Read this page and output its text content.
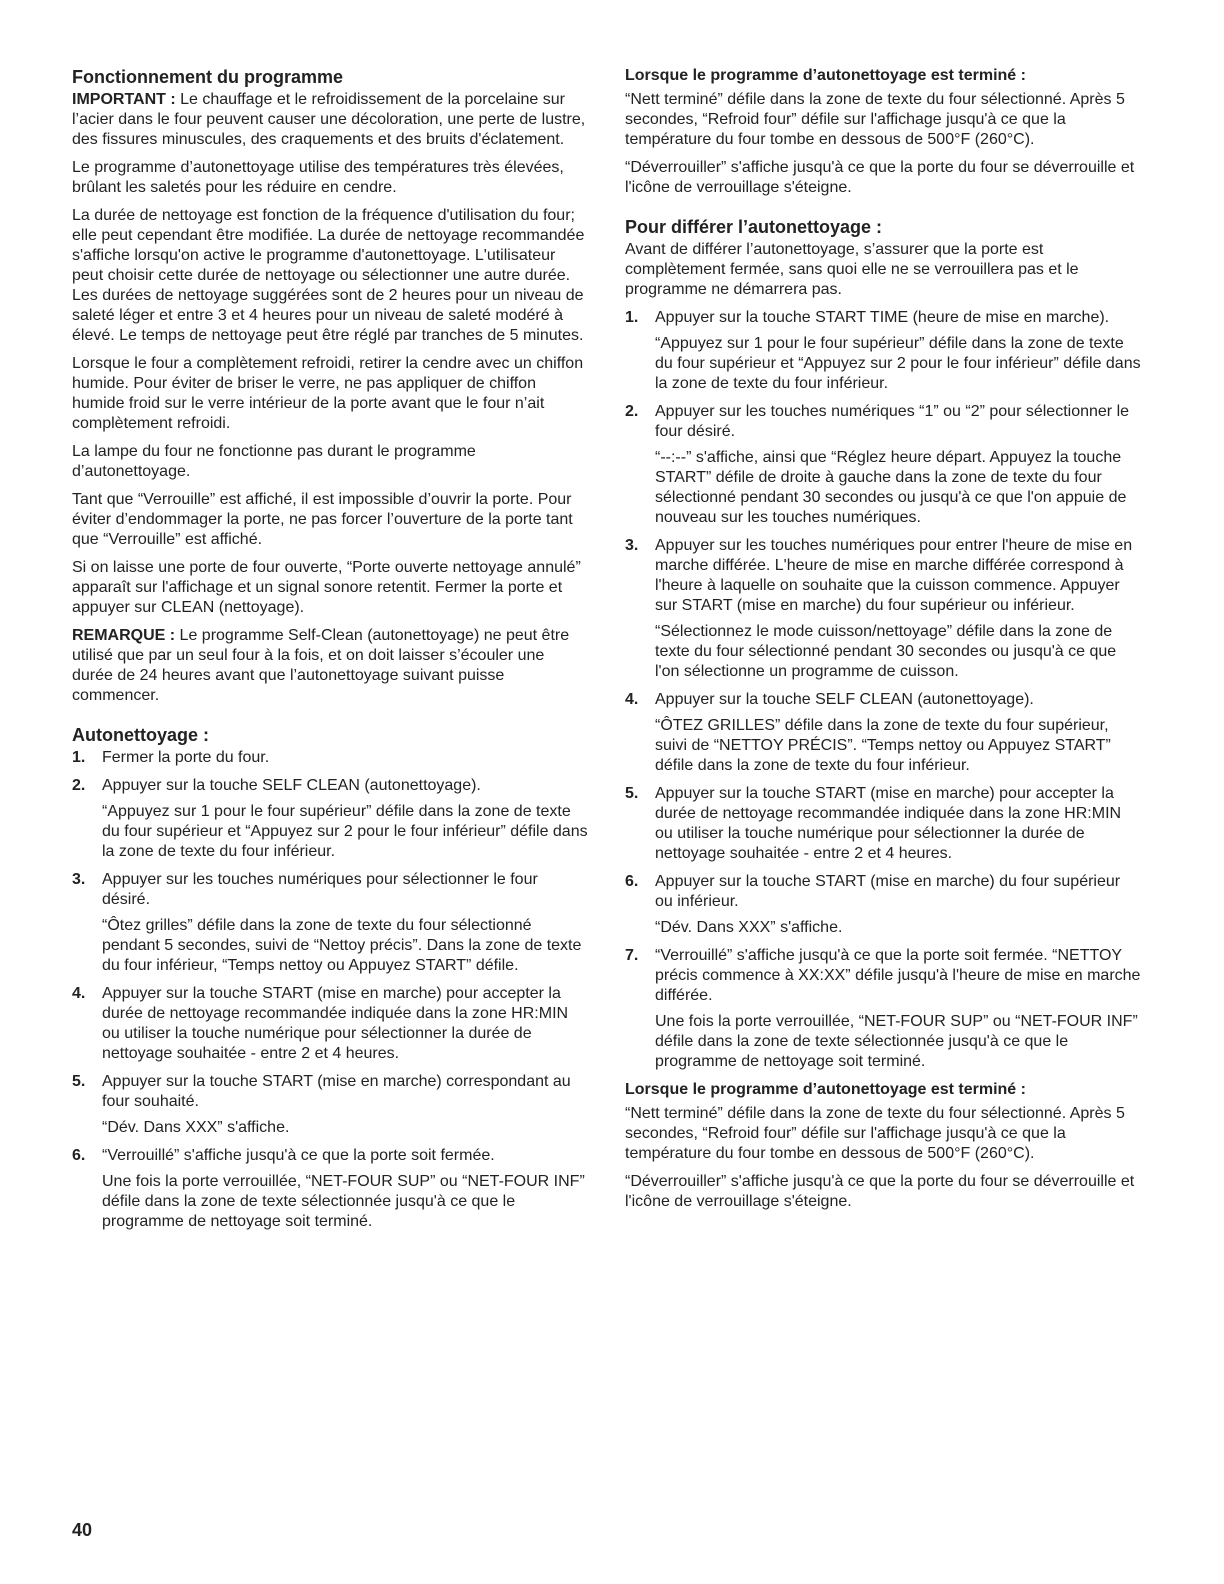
Fonctionnement du programme

IMPORTANT : Le chauffage et le refroidissement de la porcelaine sur l’acier dans le four peuvent causer une décoloration, une perte de lustre, des fissures minuscules, des craquements et des bruits d'éclatement.

Le programme d’autonettoyage utilise des températures très élevées, brûlant les saletés pour les réduire en cendre.

La durée de nettoyage est fonction de la fréquence d'utilisation du four; elle peut cependant être modifiée. La durée de nettoyage recommandée s'affiche lorsqu'on active le programme d'autonettoyage. L'utilisateur peut choisir cette durée de nettoyage ou sélectionner une autre durée. Les durées de nettoyage suggérées sont de 2 heures pour un niveau de saleté léger et entre 3 et 4 heures pour un niveau de saleté modéré à élevé. Le temps de nettoyage peut être réglé par tranches de 5 minutes.

Lorsque le four a complètement refroidi, retirer la cendre avec un chiffon humide. Pour éviter de briser le verre, ne pas appliquer de chiffon humide froid sur le verre intérieur de la porte avant que le four n’ait complètement refroidi.

La lampe du four ne fonctionne pas durant le programme d’autonettoyage.

Tant que “Verrouille” est affiché, il est impossible d’ouvrir la porte. Pour éviter d’endommager la porte, ne pas forcer l’ouverture de la porte tant que “Verrouille” est affiché.

Si on laisse une porte de four ouverte, “Porte ouverte nettoyage annulé” apparaît sur l'affichage et un signal sonore retentit. Fermer la porte et appuyer sur CLEAN (nettoyage).

REMARQUE : Le programme Self-Clean (autonettoyage) ne peut être utilisé que par un seul four à la fois, et on doit laisser s’écouler une durée de 24 heures avant que l’autonettoyage suivant puisse commencer.

Autonettoyage :
1. Fermer la porte du four.

2. Appuyer sur la touche SELF CLEAN (autonettoyage).

“Appuyez sur 1 pour le four supérieur” défile dans la zone de texte du four supérieur et “Appuyez sur 2 pour le four inférieur” défile dans la zone de texte du four inférieur.

3. Appuyer sur les touches numériques pour sélectionner le four désiré.

“Ôtez grilles” défile dans la zone de texte du four sélectionné pendant 5 secondes, suivi de “Nettoy précis”. Dans la zone de texte du four inférieur, “Temps nettoy ou Appuyez START” défile.

4. Appuyer sur la touche START (mise en marche) pour accepter la durée de nettoyage recommandée indiquée dans la zone HR:MIN ou utiliser la touche numérique pour sélectionner la durée de nettoyage souhaitée - entre 2 et 4 heures.

5. Appuyer sur la touche START (mise en marche) correspondant au four souhaité.

“Dév. Dans XXX” s'affiche.

6. “Verrouillé” s'affiche jusqu'à ce que la porte soit fermée.

Une fois la porte verrouillée, “NET-FOUR SUP” ou “NET-FOUR INF” défile dans la zone de texte sélectionnée jusqu'à ce que le programme de nettoyage soit terminé.

Lorsque le programme d’autonettoyage est terminé :

“Nett terminé” défile dans la zone de texte du four sélectionné. Après 5 secondes, “Refroid four” défile sur l'affichage jusqu'à ce que la température du four tombe en dessous de 500°F (260°C).

“Déverrouiller” s'affiche jusqu'à ce que la porte du four se déverrouille et l'icône de verrouillage s'éteigne.

Pour différer l’autonettoyage :

Avant de différer l’autonettoyage, s’assurer que la porte est complètement fermée, sans quoi elle ne se verrouillera pas et le programme ne démarrera pas.

1. Appuyer sur la touche START TIME (heure de mise en marche).

“Appuyez sur 1 pour le four supérieur” défile dans la zone de texte du four supérieur et “Appuyez sur 2 pour le four inférieur” défile dans la zone de texte du four inférieur.

2. Appuyer sur les touches numériques “1” ou “2” pour sélectionner le four désiré.

“--:--” s'affiche, ainsi que “Réglez heure départ. Appuyez la touche START” défile de droite à gauche dans la zone de texte du four sélectionné pendant 30 secondes ou jusqu'à ce que l'on appuie de nouveau sur les touches numériques.

3. Appuyer sur les touches numériques pour entrer l'heure de mise en marche différée. L'heure de mise en marche différée correspond à l'heure à laquelle on souhaite que la cuisson commence. Appuyer sur START (mise en marche) du four supérieur ou inférieur.

“Sélectionnez le mode cuisson/nettoyage” défile dans la zone de texte du four sélectionné pendant 30 secondes ou jusqu'à ce que l'on sélectionne un programme de cuisson.

4. Appuyer sur la touche SELF CLEAN (autonettoyage).

“ÔTEZ GRILLES” défile dans la zone de texte du four supérieur, suivi de “NETTOY PRÉCIS”. “Temps nettoy ou Appuyez START” défile dans la zone de texte du four inférieur.

5. Appuyer sur la touche START (mise en marche) pour accepter la durée de nettoyage recommandée indiquée dans la zone HR:MIN ou utiliser la touche numérique pour sélectionner la durée de nettoyage souhaitée - entre 2 et 4 heures.

6. Appuyer sur la touche START (mise en marche) du four supérieur ou inférieur.

“Dév. Dans XXX” s'affiche.

7. “Verrouillé” s'affiche jusqu'à ce que la porte soit fermée. “NETTOY précis commence à XX:XX” défile jusqu'à l'heure de mise en marche différée.

Une fois la porte verrouillée, “NET-FOUR SUP” ou “NET-FOUR INF” défile dans la zone de texte sélectionnée jusqu'à ce que le programme de nettoyage soit terminé.

Lorsque le programme d’autonettoyage est terminé :

“Nett terminé” défile dans la zone de texte du four sélectionné. Après 5 secondes, “Refroid four” défile sur l'affichage jusqu'à ce que la température du four tombe en dessous de 500°F (260°C).

“Déverrouiller” s'affiche jusqu'à ce que la porte du four se déverrouille et l'icône de verrouillage s'éteigne.

40
